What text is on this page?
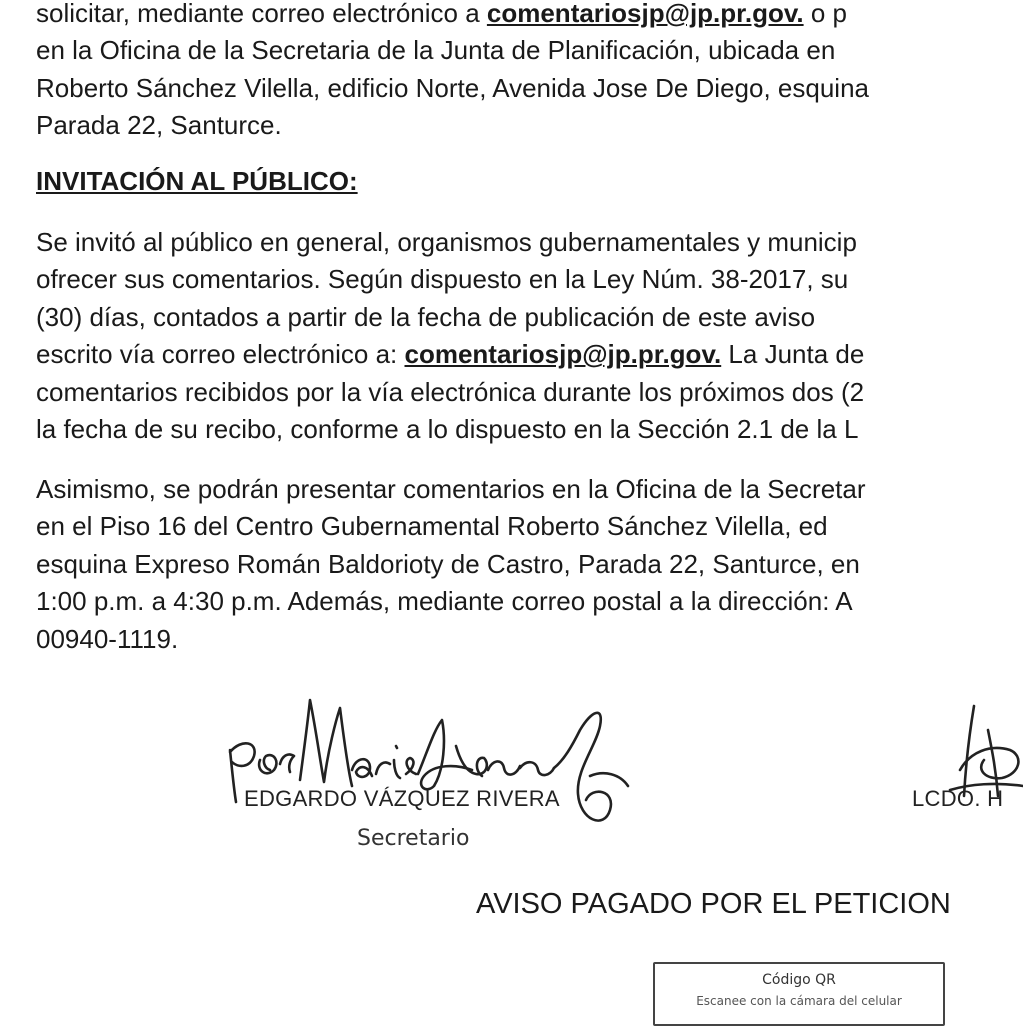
solicitar, mediante correo electrónico a comentariosjp@jp.pr.gov. o p
en la Oficina de la Secretaria de la Junta de Planificación, ubicada en
Roberto Sánchez Vilella, edificio Norte, Avenida Jose De Diego, esquina
Parada 22, Santurce.
INVITACIÓN AL PÚBLICO:
Se invitó al público en general, organismos gubernamentales y municip
ofrecer sus comentarios. Según dispuesto en la Ley Núm. 38-2017, su
(30) días, contados a partir de la fecha de publicación de este aviso
escrito vía correo electrónico a: comentariosjp@jp.pr.gov. La Junta de
comentarios recibidos por la vía electrónica durante los próximos dos (2
la fecha de su recibo, conforme a lo dispuesto en la Sección 2.1 de la L
Asimismo, se podrán presentar comentarios en la Oficina de la Secretar
en el Piso 16 del Centro Gubernamental Roberto Sánchez Vilella, ed
esquina Expreso Román Baldorioty de Castro, Parada 22, Santurce, en
1:00 p.m. a 4:30 p.m. Además, mediante correo postal a la dirección: A
00940-1119.
EDGARDO VÁZQUEZ RIVERA
Secretario
LCDO. H
AVISO PAGADO POR EL PETICION
Código QR
Escanee con la cámara del celular
